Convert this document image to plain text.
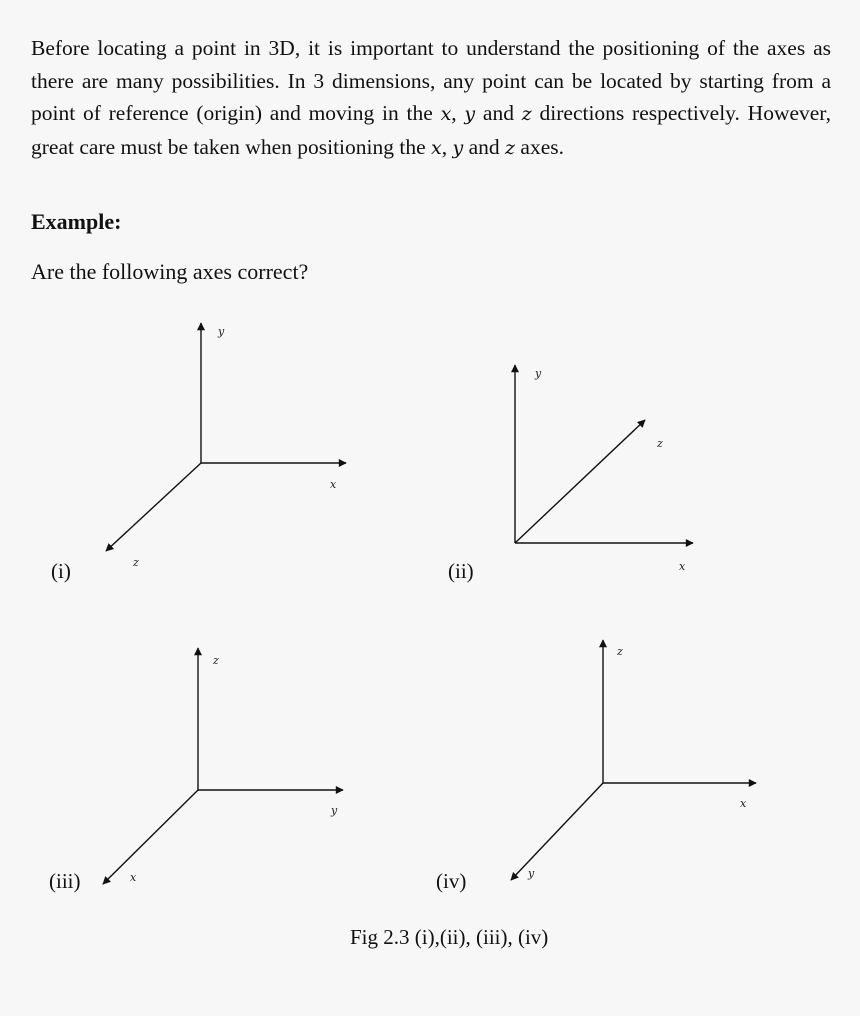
Before locating a point in 3D, it is important to understand the positioning of the axes as there are many possibilities. In 3 dimensions, any point can be located by starting from a point of reference (origin) and moving in the x, y and z directions respectively. However, great care must be taken when positioning the x, y and z axes.

Example:

Are the following axes correct?

y
x
z
(i)
y
x
z
(ii)
z
y
x
(iii)
z
x
y
(iv)
Fig 2.3 (i),(ii), (iii), (iv)
